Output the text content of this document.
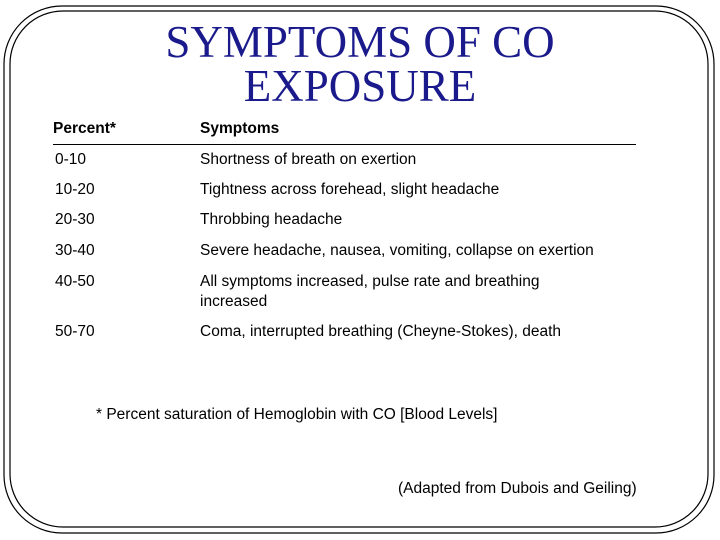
SYMPTOMS OF CO
EXPOSURE
Percent*	Symptoms
0-10	Shortness of breath on exertion
10-20	Tightness across forehead, slight headache
20-30	Throbbing headache
30-40	Severe headache, nausea, vomiting, collapse on exertion
40-50	All symptoms increased, pulse rate and breathing
increased
50-70	Coma, interrupted breathing (Cheyne-Stokes), death
* Percent saturation of Hemoglobin with CO [Blood Levels]
(Adapted from Dubois and Geiling)
